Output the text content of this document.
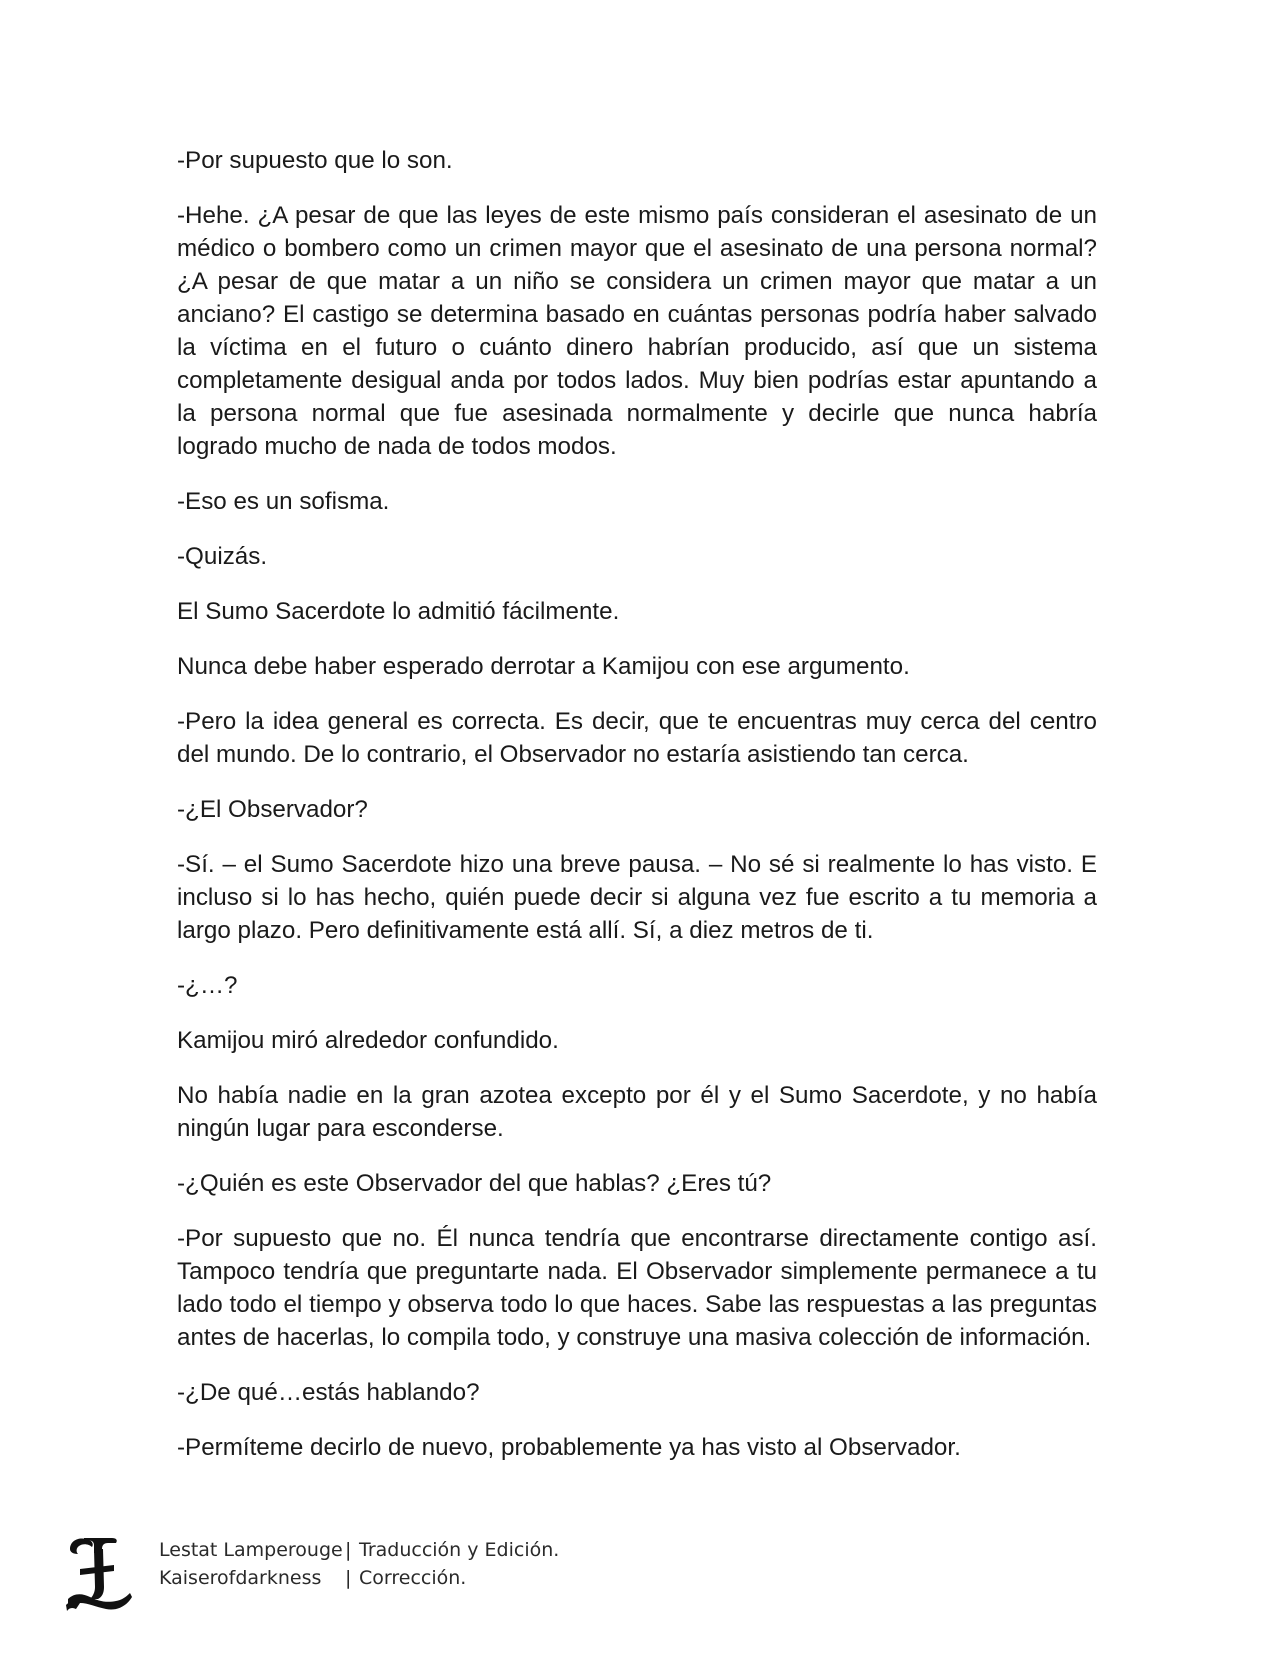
-Por supuesto que lo son.

-Hehe. ¿A pesar de que las leyes de este mismo país consideran el asesinato de un médico o bombero como un crimen mayor que el asesinato de una persona normal? ¿A pesar de que matar a un niño se considera un crimen mayor que matar a un anciano? El castigo se determina basado en cuántas personas podría haber salvado la víctima en el futuro o cuánto dinero habrían producido, así que un sistema completamente desigual anda por todos lados. Muy bien podrías estar apuntando a la persona normal que fue asesinada normalmente y decirle que nunca habría logrado mucho de nada de todos modos.

-Eso es un sofisma.

-Quizás.

El Sumo Sacerdote lo admitió fácilmente.

Nunca debe haber esperado derrotar a Kamijou con ese argumento.

-Pero la idea general es correcta. Es decir, que te encuentras muy cerca del centro del mundo. De lo contrario, el Observador no estaría asistiendo tan cerca.

-¿El Observador?

-Sí. – el Sumo Sacerdote hizo una breve pausa. – No sé si realmente lo has visto. E incluso si lo has hecho, quién puede decir si alguna vez fue escrito a tu memoria a largo plazo. Pero definitivamente está allí. Sí, a diez metros de ti.

-¿…?

Kamijou miró alrededor confundido.

No había nadie en la gran azotea excepto por él y el Sumo Sacerdote, y no había ningún lugar para esconderse.

-¿Quién es este Observador del que hablas? ¿Eres tú?

-Por supuesto que no. Él nunca tendría que encontrarse directamente contigo así. Tampoco tendría que preguntarte nada. El Observador simplemente permanece a tu lado todo el tiempo y observa todo lo que haces. Sabe las respuestas a las preguntas antes de hacerlas, lo compila todo, y construye una masiva colección de información.

-¿De qué…estás hablando?

-Permíteme decirlo de nuevo, probablemente ya has visto al Observador.

Lestat Lamperouge | Traducción y Edición.
Kaiserofdarkness | Corrección.
